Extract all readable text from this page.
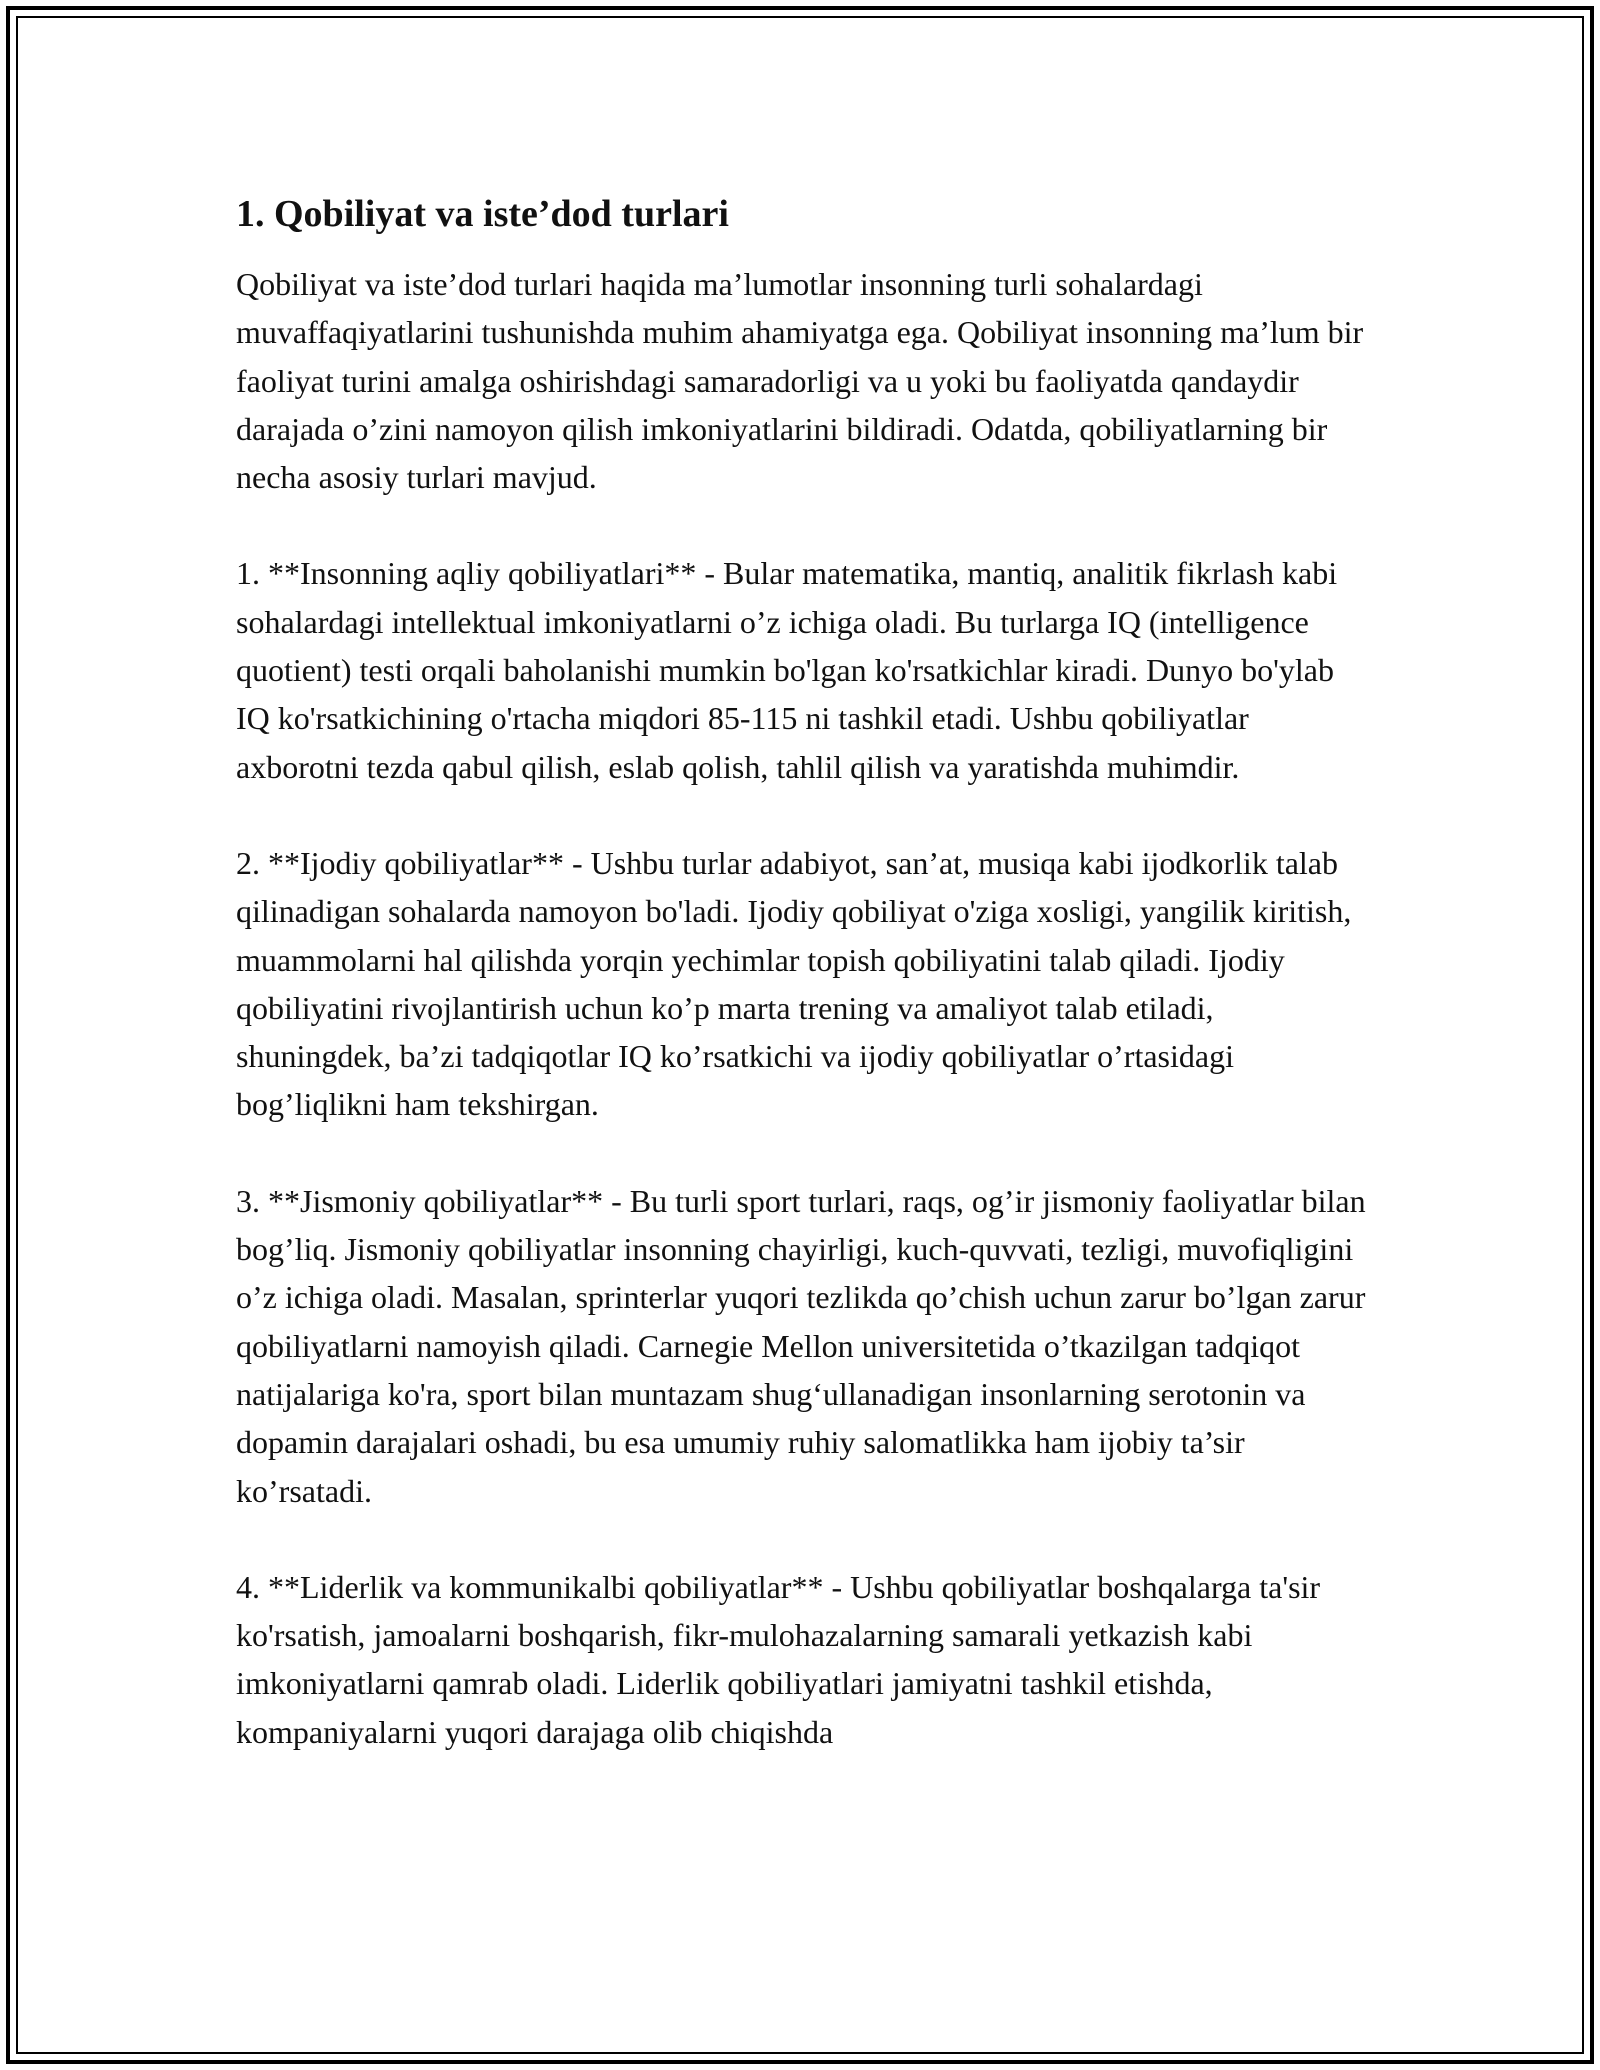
1. Qobiliyat va iste’dod turlari

Qobiliyat va iste’dod turlari haqida ma’lumotlar insonning turli sohalardagi muvaffaqiyatlarini tushunishda muhim ahamiyatga ega. Qobiliyat insonning ma’lum bir faoliyat turini amalga oshirishdagi samaradorligi va u yoki bu faoliyatda qandaydir darajada o’zini namoyon qilish imkoniyatlarini bildiradi. Odatda, qobiliyatlarning bir necha asosiy turlari mavjud.

1. **Insonning aqliy qobiliyatlari** - Bular matematika, mantiq, analitik fikrlash kabi sohalardagi intellektual imkoniyatlarni o’z ichiga oladi. Bu turlarga IQ (intelligence quotient) testi orqali baholanishi mumkin bo'lgan ko'rsatkichlar kiradi. Dunyo bo'ylab IQ ko'rsatkichining o'rtacha miqdori 85-115 ni tashkil etadi. Ushbu qobiliyatlar axborotni tezda qabul qilish, eslab qolish, tahlil qilish va yaratishda muhimdir.

2. **Ijodiy qobiliyatlar** - Ushbu turlar adabiyot, san’at, musiqa kabi ijodkorlik talab qilinadigan sohalarda namoyon bo'ladi. Ijodiy qobiliyat o'ziga xosligi, yangilik kiritish, muammolarni hal qilishda yorqin yechimlar topish qobiliyatini talab qiladi. Ijodiy qobiliyatini rivojlantirish uchun ko’p marta trening va amaliyot talab etiladi, shuningdek, ba’zi tadqiqotlar IQ ko’rsatkichi va ijodiy qobiliyatlar o’rtasidagi bog’liqlikni ham tekshirgan.

3. **Jismoniy qobiliyatlar** - Bu turli sport turlari, raqs, og’ir jismoniy faoliyatlar bilan bog’liq. Jismoniy qobiliyatlar insonning chayirligi, kuch-quvvati, tezligi, muvofiqligini o’z ichiga oladi. Masalan, sprinterlar yuqori tezlikda qo’chish uchun zarur bo’lgan zarur qobiliyatlarni namoyish qiladi. Carnegie Mellon universitetida o’tkazilgan tadqiqot natijalariga ko'ra, sport bilan muntazam shug‘ullanadigan insonlarning serotonin va dopamin darajalari oshadi, bu esa umumiy ruhiy salomatlikka ham ijobiy ta’sir ko’rsatadi.

4. **Liderlik va kommunikalbi qobiliyatlar** - Ushbu qobiliyatlar boshqalarga ta'sir ko'rsatish, jamoalarni boshqarish, fikr-mulohazalarning samarali yetkazish kabi imkoniyatlarni qamrab oladi. Liderlik qobiliyatlari jamiyatni tashkil etishda, kompaniyalarni yuqori darajaga olib chiqishda
